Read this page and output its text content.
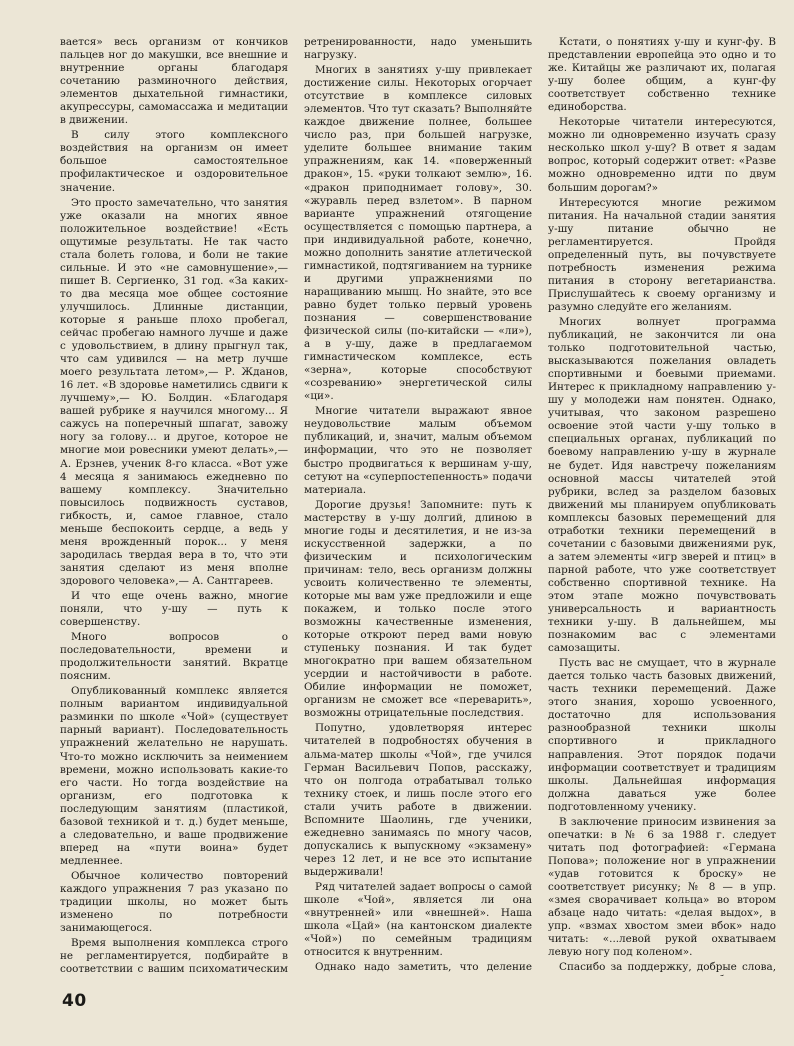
вается» весь организм от кончиков пальцев ног до макушки, все внешние и внутренние органы благодаря сочетанию разминочного действия, элементов дыхательной гимнастики, акупрессуры, самомассажа и медитации в движении.

В силу этого комплексного воздействия на организм он имеет большое самостоятельное профилактическое и оздоровительное значение.

Это просто замечательно, что занятия уже оказали на многих явное положительное воздействие! «Есть ощутимые результаты. Не так часто стала болеть голова, и боли не такие сильные. И это «не самовнушение»,— пишет В. Сергиенко, 31 год. «За каких-то два месяца мое общее состояние улучшилось. Длинные дистанции, которые я раньше плохо пробегал, сейчас пробегаю намного лучше и даже с удовольствием, в длину прыгнул так, что сам удивился — на метр лучше моего результата летом»,— Р. Жданов, 16 лет. «В здоровье наметились сдвиги к лучшему»,— Ю. Болдин. «Благодаря вашей рубрике я научился многому... Я сажусь на поперечный шпагат, завожу ногу за голову... и другое, которое не многие мои ровесники умеют делать»,— А. Ерзнев, ученик 8-го класса. «Вот уже 4 месяца я занимаюсь ежедневно по вашему комплексу. Значительно повысилось подвижность суставов, гибкость, и, самое главное, стало меньше беспокоить сердце, а ведь у меня врожденный порок... у меня зародилась твердая вера в то, что эти занятия сделают из меня вполне здорового человека»,— А. Сантгареев.

И что еще очень важно, многие поняли, что у-шу — путь к совершенству.

Много вопросов о последовательности, времени и продолжительности занятий. Вкратце поясним.

Опубликованный комплекс является полным вариантом индивидуальной разминки по школе «Чой» (существует парный вариант). Последовательность упражнений желательно не нарушать. Что-то можно исключить за неимением времени, можно использовать какие-то его части. Но тогда воздействие на организм, его подготовка к последующим занятиям (пластикой, базовой техникой и т. д.) будет меньше, а следовательно, и ваше продвижение вперед на «пути воина» будет медленнее.

Обычное количество повторений каждого упражнения 7 раз указано по традиции школы, но может быть изменено по потребности занимающегося.

Время выполнения комплекса строго не регламентируется, подбирайте в соответствии с вашим психоматическим

ретренированности, надо уменьшить нагрузку.

Многих в занятиях у-шу привлекает достижение силы. Некоторых огорчает отсутствие в комплексе силовых элементов. Что тут сказать? Выполняйте каждое движение полнее, большее число раз, при большей нагрузке, уделите большее внимание таким упражнениям, как 14. «поверженный дракон», 15. «руки толкают землю», 16. «дракон приподнимает голову», 30. «журавль перед взлетом». В парном варианте упражнений отягощение осуществляется с помощью партнера, а при индивидуальной работе, конечно, можно дополнить занятие атлетической гимнастикой, подтягиванием на турнике и другими упражнениями по наращиванию мышц. Но знайте, это все равно будет только первый уровень познания — совершенствование физической силы (по-китайски — «ли»), а в у-шу, даже в предлагаемом гимнастическом комплексе, есть «зерна», которые способствуют «созреванию» энергетической силы «ци».

Многие читатели выражают явное неудовольствие малым объемом публикаций, и, значит, малым объемом информации, что это не позволяет быстро продвигаться к вершинам у-шу, сетуют на «суперпостепенность» подачи материала.

Дорогие друзья! Запомните: путь к мастерству в у-шу долгий, длиною в многие годы и десятилетия, и не из-за искусственной задержки, а по физическим и психологическим причинам: тело, весь организм должны усвоить количественно те элементы, которые мы вам уже предложили и еще покажем, и только после этого возможны качественные изменения, которые откроют перед вами новую ступеньку познания. И так будет многократно при вашем обязательном усердии и настойчивости в работе. Обилие информации не поможет, организм не сможет все «переварить», возможны отрицательные последствия.

Попутно, удовлетворяя интерес читателей в подробностях обучения в альма-матер школы «Чой», где учился Герман Васильевич Попов, расскажу, что он полгода отрабатывал только технику стоек, и лишь после этого его стали учить работе в движении. Вспомните Шаолинь, где ученики, ежедневно занимаясь по многу часов, допускались к выпускному «экзамену» через 12 лет, и не все это испытание выдерживали!

Ряд читателей задает вопросы о самой школе «Чой», является ли она «внутренней» или «внешней». Наша школа «Цай» (на кантонском диалекте «Чой») по семейным традициям относится к внутренним.

Однако надо заметить, что деление

Кстати, о понятиях у-шу и кунг-фу. В представлении европейца это одно и то же. Китайцы же различают их, полагая у-шу более общим, а кунг-фу соответствует собственно технике единоборства.

Некоторые читатели интересуются, можно ли одновременно изучать сразу несколько школ у-шу? В ответ я задам вопрос, который содержит ответ: «Разве можно одновременно идти по двум большим дорогам?»

Интересуются многие режимом питания. На начальной стадии занятия у-шу питание обычно не регламентируется. Пройдя определенный путь, вы почувствуете потребность изменения режима питания в сторону вегетарианства. Прислушайтесь к своему организму и разумно следуйте его желаниям.

Многих волнует программа публикаций, не закончится ли она только подготовительной частью, высказываются пожелания овладеть спортивными и боевыми приемами. Интерес к прикладному направлению у-шу у молодежи нам понятен. Однако, учитывая, что законом разрешено освоение этой части у-шу только в специальных органах, публикаций по боевому направлению у-шу в журнале не будет. Идя навстречу пожеланиям основной массы читателей этой рубрики, вслед за разделом базовых движений мы планируем опубликовать комплексы базовых перемещений для отработки техники перемещений в сочетании с базовыми движениями рук, а затем элементы «игр зверей и птиц» в парной работе, что уже соответствует собственно спортивной технике. На этом этапе можно почувствовать универсальность и вариантность техники у-шу. В дальнейшем, мы познакомим вас с элементами самозащиты.

Пусть вас не смущает, что в журнале дается только часть базовых движений, часть техники перемещений. Даже этого знания, хорошо усвоенного, достаточно для использования разнообразной техники школы спортивного и прикладного направления. Этот порядок подачи информации соответствует и традициям школы. Дальнейшая информация должна даваться уже более подготовленному ученику.

В заключение приносим извинения за опечатки: в № 6 за 1988 г. следует читать под фотографией: «Германа Попова»; положение ног в упражнении «удав готовится к броску» не соответствует рисунку; № 8 — в упр. «змея сворачивает кольца» во втором абзаце надо читать: «делая выдох», в упр. «взмах хвостом змеи вбок» надо читать: «...левой рукой охватываем левую ногу под коленом».

Спасибо за поддержку, добрые слова,

40
